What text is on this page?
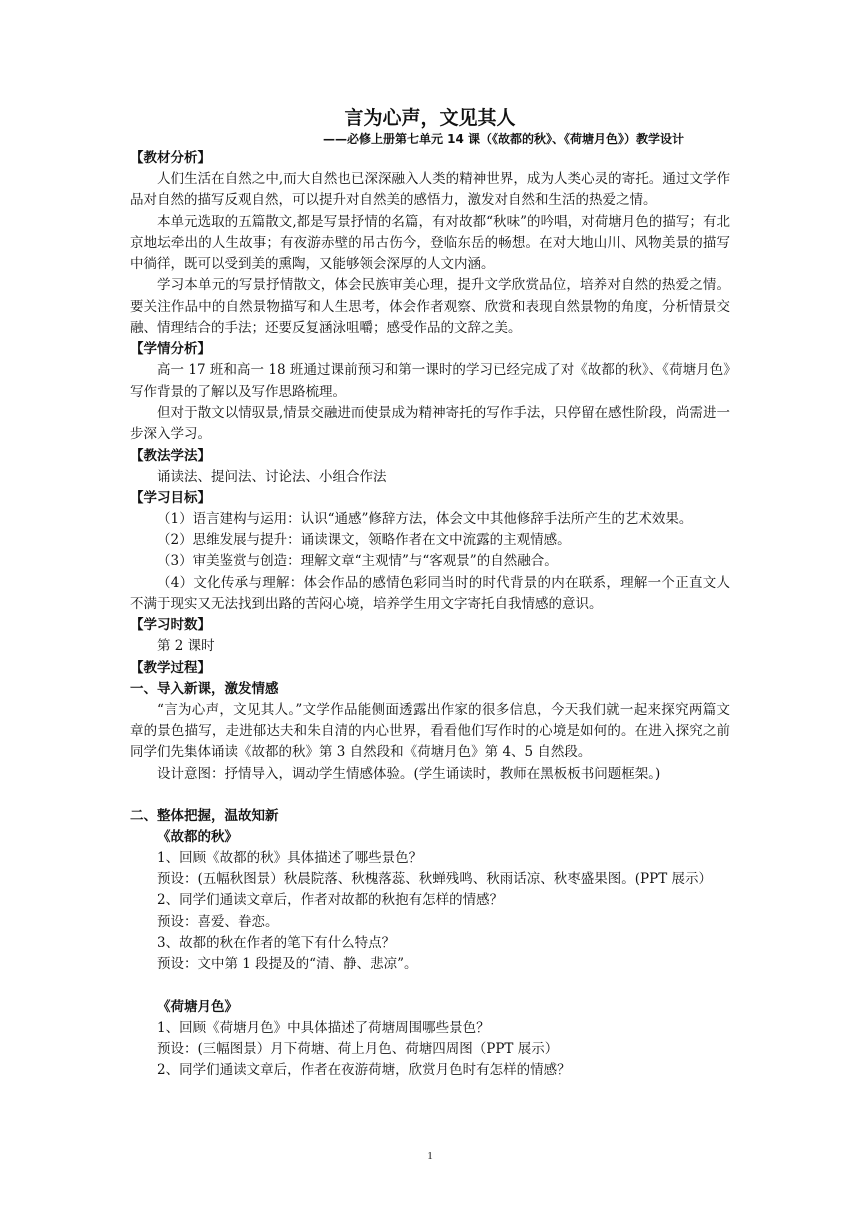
言为心声，文见其人
——必修上册第七单元 14 课（《故都的秋》、《荷塘月色》）教学设计
【教材分析】

人们生活在自然之中,而大自然也已深深融入人类的精神世界，成为人类心灵的寄托。通过文学作品对自然的描写反观自然，可以提升对自然美的感悟力，激发对自然和生活的热爱之情。

本单元选取的五篇散文,都是写景抒情的名篇，有对故都“秋味”的吟唱，对荷塘月色的描写；有北京地坛牵出的人生故事；有夜游赤壁的吊古伤今，登临东岳的畅想。在对大地山川、风物美景的描写中徜徉，既可以受到美的熏陶，又能够领会深厚的人文内涵。

学习本单元的写景抒情散文，体会民族审美心理，提升文学欣赏品位，培养对自然的热爱之情。要关注作品中的自然景物描写和人生思考，体会作者观察、欣赏和表现自然景物的角度，分析情景交融、情理结合的手法；还要反复涵泳咀嚼；感受作品的文辞之美。

【学情分析】

高一 17 班和高一 18 班通过课前预习和第一课时的学习已经完成了对《故都的秋》、《荷塘月色》写作背景的了解以及写作思路梳理。

但对于散文以情驭景,情景交融进而使景成为精神寄托的写作手法，只停留在感性阶段，尚需进一步深入学习。

【教法学法】

诵读法、提问法、讨论法、小组合作法

【学习目标】

（1）语言建构与运用：认识“通感”修辞方法，体会文中其他修辞手法所产生的艺术效果。

（2）思维发展与提升：诵读课文，领略作者在文中流露的主观情感。

（3）审美鉴赏与创造：理解文章“主观情”与“客观景”的自然融合。

（4）文化传承与理解：体会作品的感情色彩同当时的时代背景的内在联系，理解一个正直文人不满于现实又无法找到出路的苦闷心境，培养学生用文字寄托自我情感的意识。

【学习时数】

第 2 课时

【教学过程】
一、导入新课，激发情感

“言为心声，文见其人。”文学作品能侧面透露出作家的很多信息，今天我们就一起来探究两篇文章的景色描写，走进郁达夫和朱自清的内心世界，看看他们写作时的心境是如何的。在进入探究之前同学们先集体诵读《故都的秋》第 3 自然段和《荷塘月色》第 4、5 自然段。

设计意图：抒情导入，调动学生情感体验。(学生诵读时，教师在黑板板书问题框架。)

二、整体把握，温故知新
《故都的秋》

1、回顾《故都的秋》具体描述了哪些景色？

预设：(五幅秋图景）秋晨院落、秋槐落蕊、秋蝉残鸣、秋雨话凉、秋枣盛果图。(PPT 展示）

2、同学们通读文章后，作者对故都的秋抱有怎样的情感？

预设：喜爱、眷恋。

3、故都的秋在作者的笔下有什么特点？

预设：文中第 1 段提及的“清、静、悲凉”。

《荷塘月色》

1、回顾《荷塘月色》中具体描述了荷塘周围哪些景色？

预设：(三幅图景）月下荷塘、荷上月色、荷塘四周图（PPT 展示）

2、同学们通读文章后，作者在夜游荷塘，欣赏月色时有怎样的情感？

1
